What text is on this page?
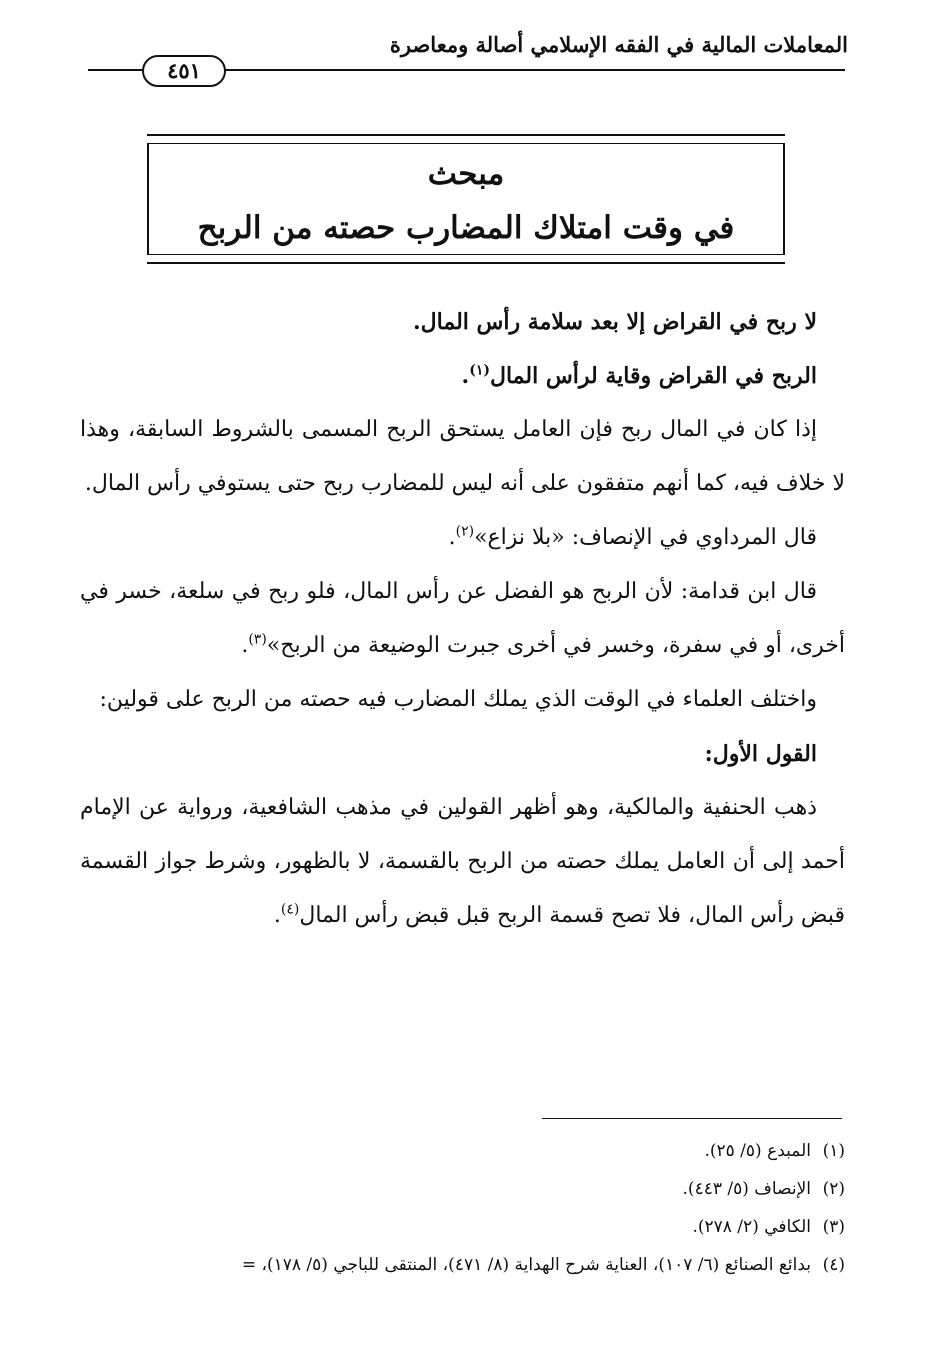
المعاملات المالية في الفقه الإسلامي أصالة ومعاصرة
٤٥١
مبحث
في وقت امتلاك المضارب حصته من الربح

لا ربح في القراض إلا بعد سلامة رأس المال.

الربح في القراض وقاية لرأس المال$^{(١)}$.

إذا كان في المال ربح فإن العامل يستحق الربح المسمى بالشروط السابقة، وهذا لا خلاف فيه، كما أنهم متفقون على أنه ليس للمضارب ربح حتى يستوفي رأس المال.

قال المرداوي في الإنصاف: «بلا نزاع»$^{(٢)}$.

قال ابن قدامة: لأن الربح هو الفضل عن رأس المال، فلو ربح في سلعة، خسر في أخرى، أو في سفرة، وخسر في أخرى جبرت الوضيعة من الربح»$^{(٣)}$.

واختلف العلماء في الوقت الذي يملك المضارب فيه حصته من الربح على قولين:

القول الأول:

ذهب الحنفية والمالكية، وهو أظهر القولين في مذهب الشافعية، ورواية عن الإمام أحمد إلى أن العامل يملك حصته من الربح بالقسمة، لا بالظهور، وشرط جواز القسمة قبض رأس المال، فلا تصح قسمة الربح قبل قبض رأس المال$^{(٤)}$.

(١)المبدع (٥/ ٢٥).
(٢)الإنصاف (٥/ ٤٤٣).
(٣)الكافي (٢/ ٢٧٨).
(٤)بدائع الصنائع (٦/ ١٠٧)، العناية شرح الهداية (٨/ ٤٧١)، المنتقى للباجي (٥/ ١٧٨)، =
